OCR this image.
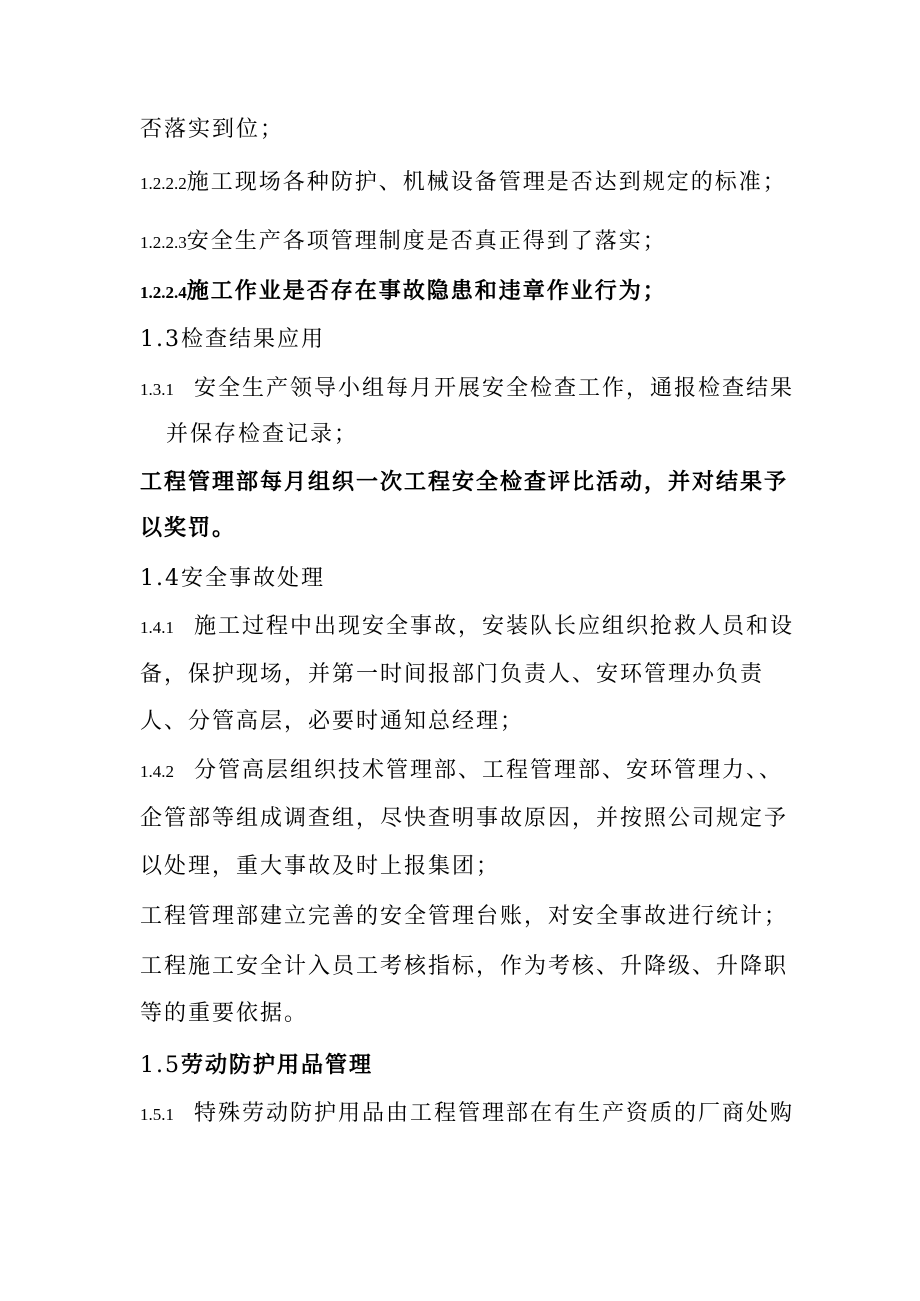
否落实到位；
1.2.2.2施工现场各种防护、机械设备管理是否达到规定的标准；
1.2.2.3安全生产各项管理制度是否真正得到了落实；
1.2.2.4施工作业是否存在事故隐患和违章作业行为；
1.3检查结果应用
1.3.1 安全生产领导小组每月开展安全检查工作，通报检查结果
并保存检查记录；
工程管理部每月组织一次工程安全检查评比活动，并对结果予
以奖罚。
1.4安全事故处理
1.4.1 施工过程中出现安全事故，安装队长应组织抢救人员和设
备，保护现场，并第一时间报部门负责人、安环管理办负责
人、分管高层，必要时通知总经理；
1.4.2 分管高层组织技术管理部、工程管理部、安环管理力、、
企管部等组成调查组，尽快查明事故原因，并按照公司规定予
以处理，重大事故及时上报集团；
工程管理部建立完善的安全管理台账，对安全事故进行统计；
工程施工安全计入员工考核指标，作为考核、升降级、升降职
等的重要依据。
1.5劳动防护用品管理
1.5.1 特殊劳动防护用品由工程管理部在有生产资质的厂商处购
